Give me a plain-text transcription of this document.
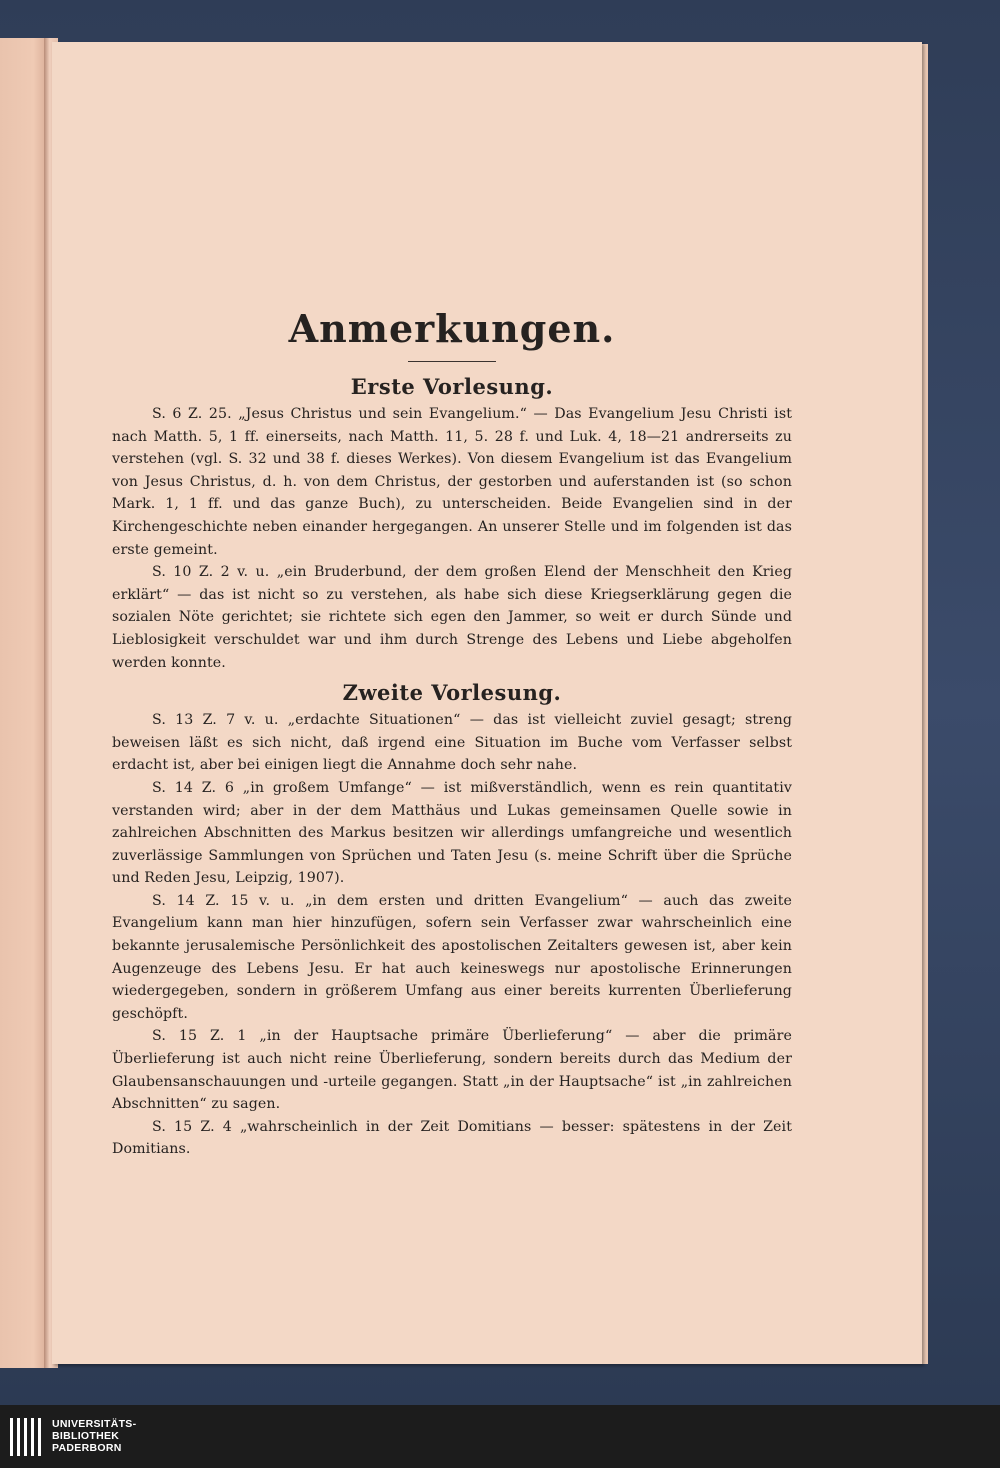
Anmerkungen.
Erste Vorlesung.

S. 6 Z. 25. „Jesus Christus und sein Evangelium.“ — Das Evangelium Jesu Christi ist nach Matth. 5, 1 ff. einerseits, nach Matth. 11, 5. 28 f. und Luk. 4, 18—21 andrerseits zu verstehen (vgl. S. 32 und 38 f. dieses Werkes). Von diesem Evangelium ist das Evangelium von Jesus Christus, d. h. von dem Christus, der gestorben und auferstanden ist (so schon Mark. 1, 1 ff. und das ganze Buch), zu unterscheiden. Beide Evangelien sind in der Kirchengeschichte neben einander hergegangen. An unserer Stelle und im folgenden ist das erste gemeint.

S. 10 Z. 2 v. u. „ein Bruderbund, der dem großen Elend der Menschheit den Krieg erklärt“ — das ist nicht so zu verstehen, als habe sich diese Kriegserklärung gegen die sozialen Nöte gerichtet; sie richtete sich egen den Jammer, so weit er durch Sünde und Lieblosigkeit verschuldet war und ihm durch Strenge des Lebens und Liebe abgeholfen werden konnte.

Zweite Vorlesung.

S. 13 Z. 7 v. u. „erdachte Situationen“ — das ist vielleicht zuviel gesagt; streng beweisen läßt es sich nicht, daß irgend eine Situation im Buche vom Verfasser selbst erdacht ist, aber bei einigen liegt die Annahme doch sehr nahe.

S. 14 Z. 6 „in großem Umfange“ — ist mißverständlich, wenn es rein quantitativ verstanden wird; aber in der dem Matthäus und Lukas gemeinsamen Quelle sowie in zahlreichen Abschnitten des Markus besitzen wir allerdings umfangreiche und wesentlich zuverlässige Sammlungen von Sprüchen und Taten Jesu (s. meine Schrift über die Sprüche und Reden Jesu, Leipzig, 1907).

S. 14 Z. 15 v. u. „in dem ersten und dritten Evangelium“ — auch das zweite Evangelium kann man hier hinzufügen, sofern sein Verfasser zwar wahrscheinlich eine bekannte jerusalemische Persönlichkeit des apostolischen Zeitalters gewesen ist, aber kein Augenzeuge des Lebens Jesu. Er hat auch keineswegs nur apostolische Erinnerungen wiedergegeben, sondern in größerem Umfang aus einer bereits kurrenten Überlieferung geschöpft.

S. 15 Z. 1 „in der Hauptsache primäre Überlieferung“ — aber die primäre Überlieferung ist auch nicht reine Überlieferung, sondern bereits durch das Medium der Glaubensanschauungen und -urteile gegangen. Statt „in der Hauptsache“ ist „in zahlreichen Abschnitten“ zu sagen.

S. 15 Z. 4 „wahrscheinlich in der Zeit Domitians — besser: spätestens in der Zeit Domitians.

UNIVERSITÄTS-
BIBLIOTHEK
PADERBORN
